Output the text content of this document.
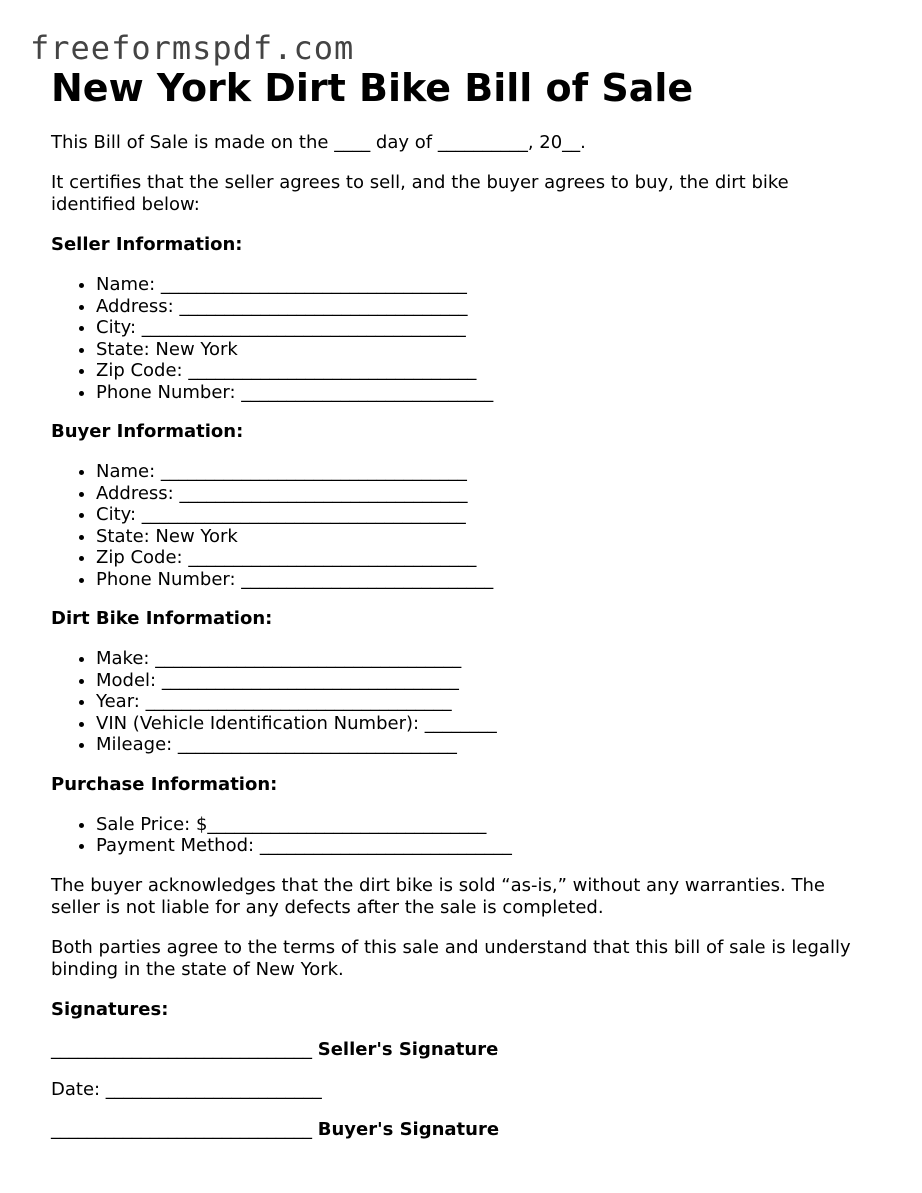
freeformspdf.com
New York Dirt Bike Bill of Sale

This Bill of Sale is made on the ____ day of __________, 20__.

It certifies that the seller agrees to sell, and the buyer agrees to buy, the dirt bike identified below:

Seller Information:
• Name: __________________________________
• Address: ________________________________
• City: ____________________________________
• State: New York
• Zip Code: ________________________________
• Phone Number: ____________________________
Buyer Information:
• Name: __________________________________
• Address: ________________________________
• City: ____________________________________
• State: New York
• Zip Code: ________________________________
• Phone Number: ____________________________
Dirt Bike Information:
• Make: __________________________________
• Model: _________________________________
• Year: __________________________________
• VIN (Vehicle Identification Number): ________
• Mileage: _______________________________
Purchase Information:
• Sale Price: $_______________________________
• Payment Method: ____________________________

The buyer acknowledges that the dirt bike is sold “as-is,” without any warranties. The seller is not liable for any defects after the sale is completed.

Both parties agree to the terms of this sale and understand that this bill of sale is legally binding in the state of New York.

Signatures:
_____________________________ Seller's Signature
Date: ________________________
_____________________________ Buyer's Signature
